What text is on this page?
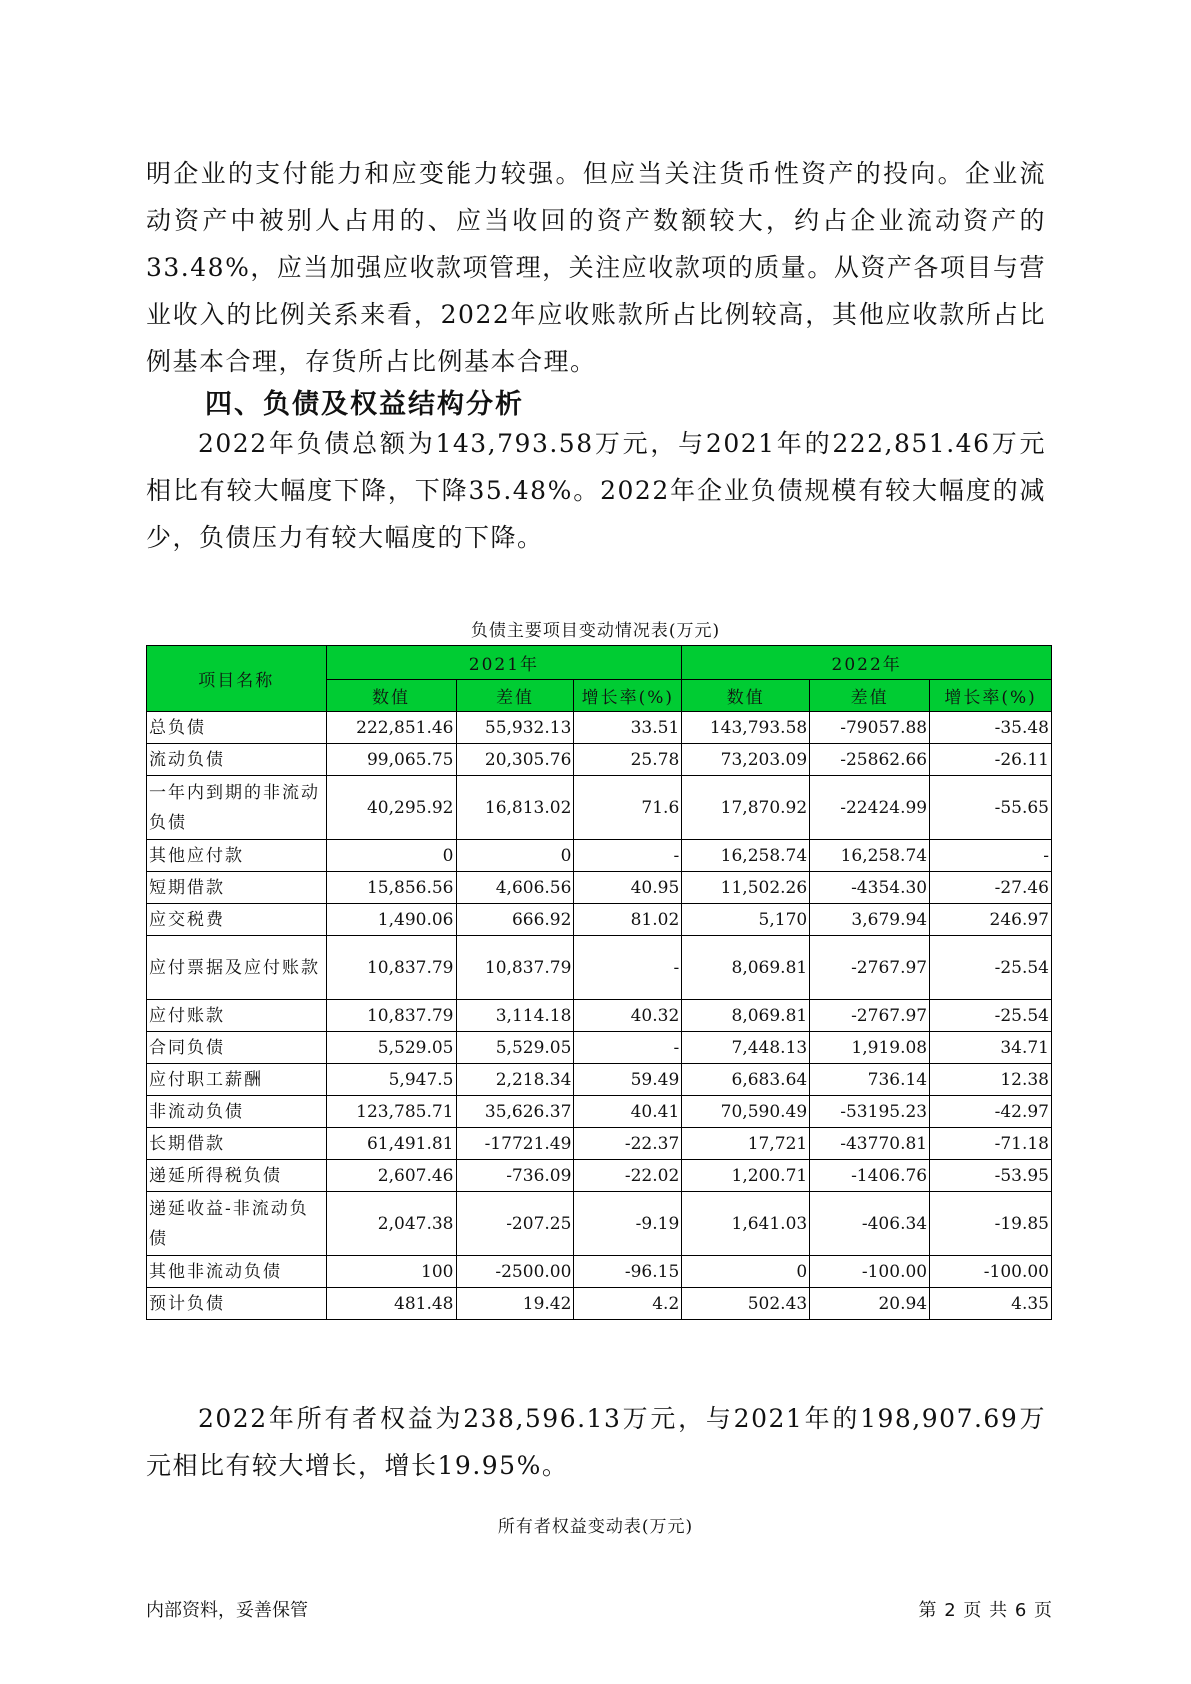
明企业的支付能力和应变能力较强。但应当关注货币性资产的投向。企业流动资产中被别人占用的、应当收回的资产数额较大，约占企业流动资产的33.48%，应当加强应收款项管理，关注应收款项的质量。从资产各项目与营业收入的比例关系来看，2022年应收账款所占比例较高，其他应收款所占比例基本合理，存货所占比例基本合理。

四、负债及权益结构分析

2022年负债总额为143,793.58万元，与2021年的222,851.46万元相比有较大幅度下降，下降35.48%。2022年企业负债规模有较大幅度的减少，负债压力有较大幅度的下降。

负债主要项目变动情况表(万元)

项目名称	2021年			2022年		
	数值	差值	增长率(%)	数值	差值	增长率(%)
总负债	222,851.46	55,932.13	33.51	143,793.58	-79057.88	-35.48
流动负债	99,065.75	20,305.76	25.78	73,203.09	-25862.66	-26.11
一年内到期的非流动负债	40,295.92	16,813.02	71.6	17,870.92	-22424.99	-55.65
其他应付款	0	0	-	16,258.74	16,258.74	-
短期借款	15,856.56	4,606.56	40.95	11,502.26	-4354.30	-27.46
应交税费	1,490.06	666.92	81.02	5,170	3,679.94	246.97
应付票据及应付账款	10,837.79	10,837.79	-	8,069.81	-2767.97	-25.54
应付账款	10,837.79	3,114.18	40.32	8,069.81	-2767.97	-25.54
合同负债	5,529.05	5,529.05	-	7,448.13	1,919.08	34.71
应付职工薪酬	5,947.5	2,218.34	59.49	6,683.64	736.14	12.38
非流动负债	123,785.71	35,626.37	40.41	70,590.49	-53195.23	-42.97
长期借款	61,491.81	-17721.49	-22.37	17,721	-43770.81	-71.18
递延所得税负债	2,607.46	-736.09	-22.02	1,200.71	-1406.76	-53.95
递延收益-非流动负债	2,047.38	-207.25	-9.19	1,641.03	-406.34	-19.85
其他非流动负债	100	-2500.00	-96.15	0	-100.00	-100.00
预计负债	481.48	19.42	4.2	502.43	20.94	4.35

2022年所有者权益为238,596.13万元，与2021年的198,907.69万元相比有较大增长，增长19.95%。

所有者权益变动表(万元)

内部资料，妥善保管	第 2 页 共 6 页
